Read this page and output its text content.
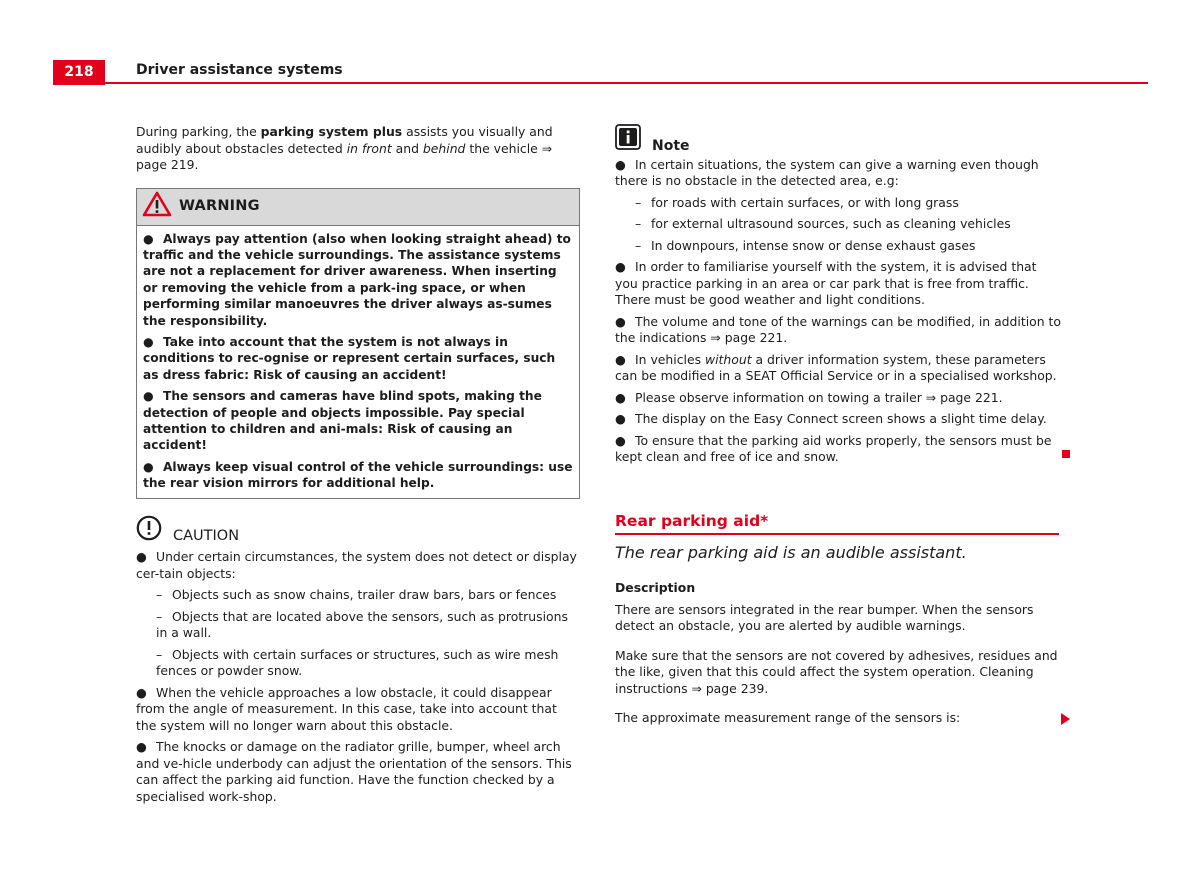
218	Driver assistance systems

During parking, the parking system plus assists you visually and audibly about obstacles detected in front and behind the vehicle ⇒ page 219.

WARNING
● Always pay attention (also when looking straight ahead) to traffic and the vehicle surroundings. The assistance systems are not a replacement for driver awareness. When inserting or removing the vehicle from a park-ing space, or when performing similar manoeuvres the driver always as-sumes the responsibility.
● Take into account that the system is not always in conditions to rec-ognise or represent certain surfaces, such as dress fabric: Risk of causing an accident!
● The sensors and cameras have blind spots, making the detection of people and objects impossible. Pay special attention to children and ani-mals: Risk of causing an accident!
● Always keep visual control of the vehicle surroundings: use the rear vision mirrors for additional help.
CAUTION
● Under certain circumstances, the system does not detect or display cer-tain objects:
– Objects such as snow chains, trailer draw bars, bars or fences
– Objects that are located above the sensors, such as protrusions in a wall.
– Objects with certain surfaces or structures, such as wire mesh fences or powder snow.
● When the vehicle approaches a low obstacle, it could disappear from the angle of measurement. In this case, take into account that the system will no longer warn about this obstacle.
● The knocks or damage on the radiator grille, bumper, wheel arch and ve-hicle underbody can adjust the orientation of the sensors. This can affect the parking aid function. Have the function checked by a specialised work-shop.
Note
● In certain situations, the system can give a warning even though there is no obstacle in the detected area, e.g:
– for roads with certain surfaces, or with long grass
– for external ultrasound sources, such as cleaning vehicles
– In downpours, intense snow or dense exhaust gases
● In order to familiarise yourself with the system, it is advised that you practice parking in an area or car park that is free from traffic. There must be good weather and light conditions.
● The volume and tone of the warnings can be modified, in addition to the indications ⇒ page 221.
● In vehicles without a driver information system, these parameters can be modified in a SEAT Official Service or in a specialised workshop.
● Please observe information on towing a trailer ⇒ page 221.
● The display on the Easy Connect screen shows a slight time delay.
● To ensure that the parking aid works properly, the sensors must be kept clean and free of ice and snow.
Rear parking aid*
The rear parking aid is an audible assistant.
Description

There are sensors integrated in the rear bumper. When the sensors detect an obstacle, you are alerted by audible warnings.

Make sure that the sensors are not covered by adhesives, residues and the like, given that this could affect the system operation. Cleaning instructions ⇒ page 239.

The approximate measurement range of the sensors is:
